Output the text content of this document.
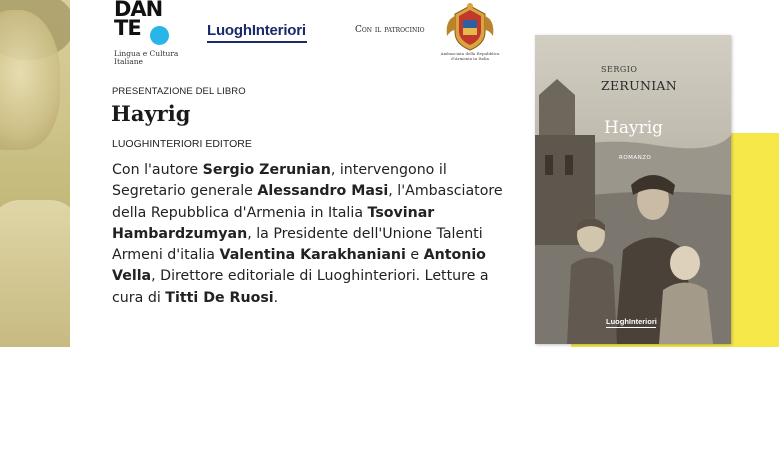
DANTE
Lingua e Cultura
Italiane
LuoghInteriori	Con il patrocinio
Ambasciata della Repubblica
d'Armenia in Italia
PRESENTAZIONE DEL LIBRO
Hayrig
LUOGHINTERIORI EDITORE
Con l'autore Sergio Zerunian, intervengono il Segretario generale Alessandro Masi, l'Ambasciatore della Repubblica d'Armenia in Italia Tsovinar Hambardzumyan, la Presidente dell'Unione Talenti Armeni d'italia Valentina Karakhaniani e Antonio Vella, Direttore editoriale di Luoghinteriori. Letture a cura di Titti De Ruosi.
SERGIO
ZERUNIAN
Hayrig
ROMANZO
LuoghInteriori
